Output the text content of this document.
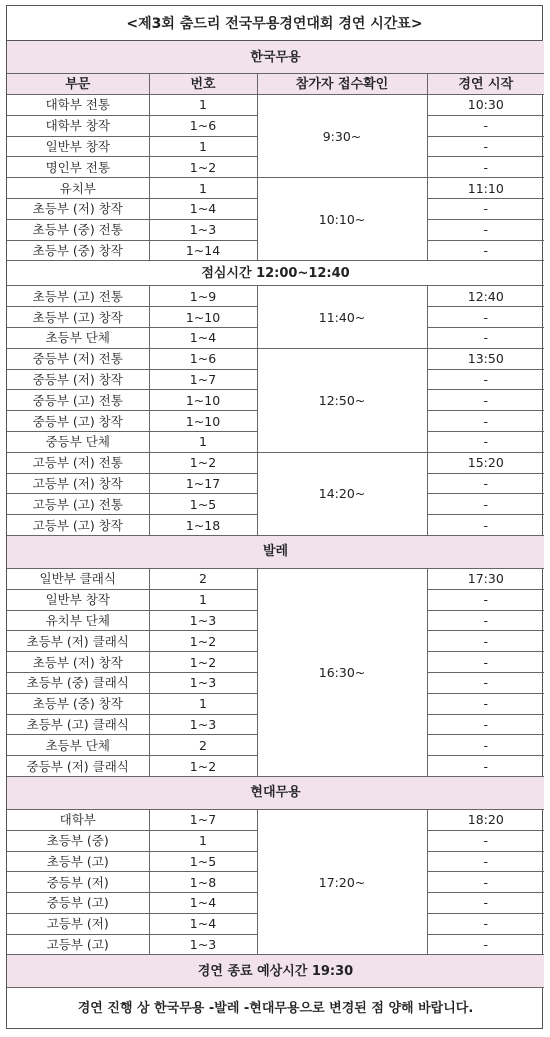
<제3회 춤드리 전국무용경연대회 경연 시간표>
한국무용			
부문	번호	참가자 접수확인	경연 시작
대학부 전통	1	9:30~	10:30
대학부 창작	1~6		-
일반부 창작	1		-
명인부 전통	1~2		-
유치부	1	10:10~	11:10
초등부 (저) 창작	1~4		-
초등부 (중) 전통	1~3		-
초등부 (중) 창작	1~14		-
점심시간 12:00~12:40			
초등부 (고) 전통	1~9	11:40~	12:40
초등부 (고) 창작	1~10		-
초등부 단체	1~4		-
중등부 (저) 전통	1~6	12:50~	13:50
중등부 (저) 창작	1~7		-
중등부 (고) 전통	1~10		-
중등부 (고) 창작	1~10		-
중등부 단체	1		-
고등부 (저) 전통	1~2	14:20~	15:20
고등부 (저) 창작	1~17		-
고등부 (고) 전통	1~5		-
고등부 (고) 창작	1~18		-
발레			
일반부 클래식	2	16:30~	17:30
일반부 창작	1		-
유치부 단체	1~3		-
초등부 (저) 클래식	1~2		-
초등부 (저) 창작	1~2		-
초등부 (중) 클래식	1~3		-
초등부 (중) 창작	1		-
초등부 (고) 클래식	1~3		-
초등부 단체	2		-
중등부 (저) 클래식	1~2		-
현대무용			
대학부	1~7	17:20~	18:20
초등부 (중)	1		-
초등부 (고)	1~5		-
중등부 (저)	1~8		-
중등부 (고)	1~4		-
고등부 (저)	1~4		-
고등부 (고)	1~3		-
경연 종료 예상시간 19:30			
경연 진행 상 한국무용 -발레 -현대무용으로 변경된 점 양해 바랍니다.			
